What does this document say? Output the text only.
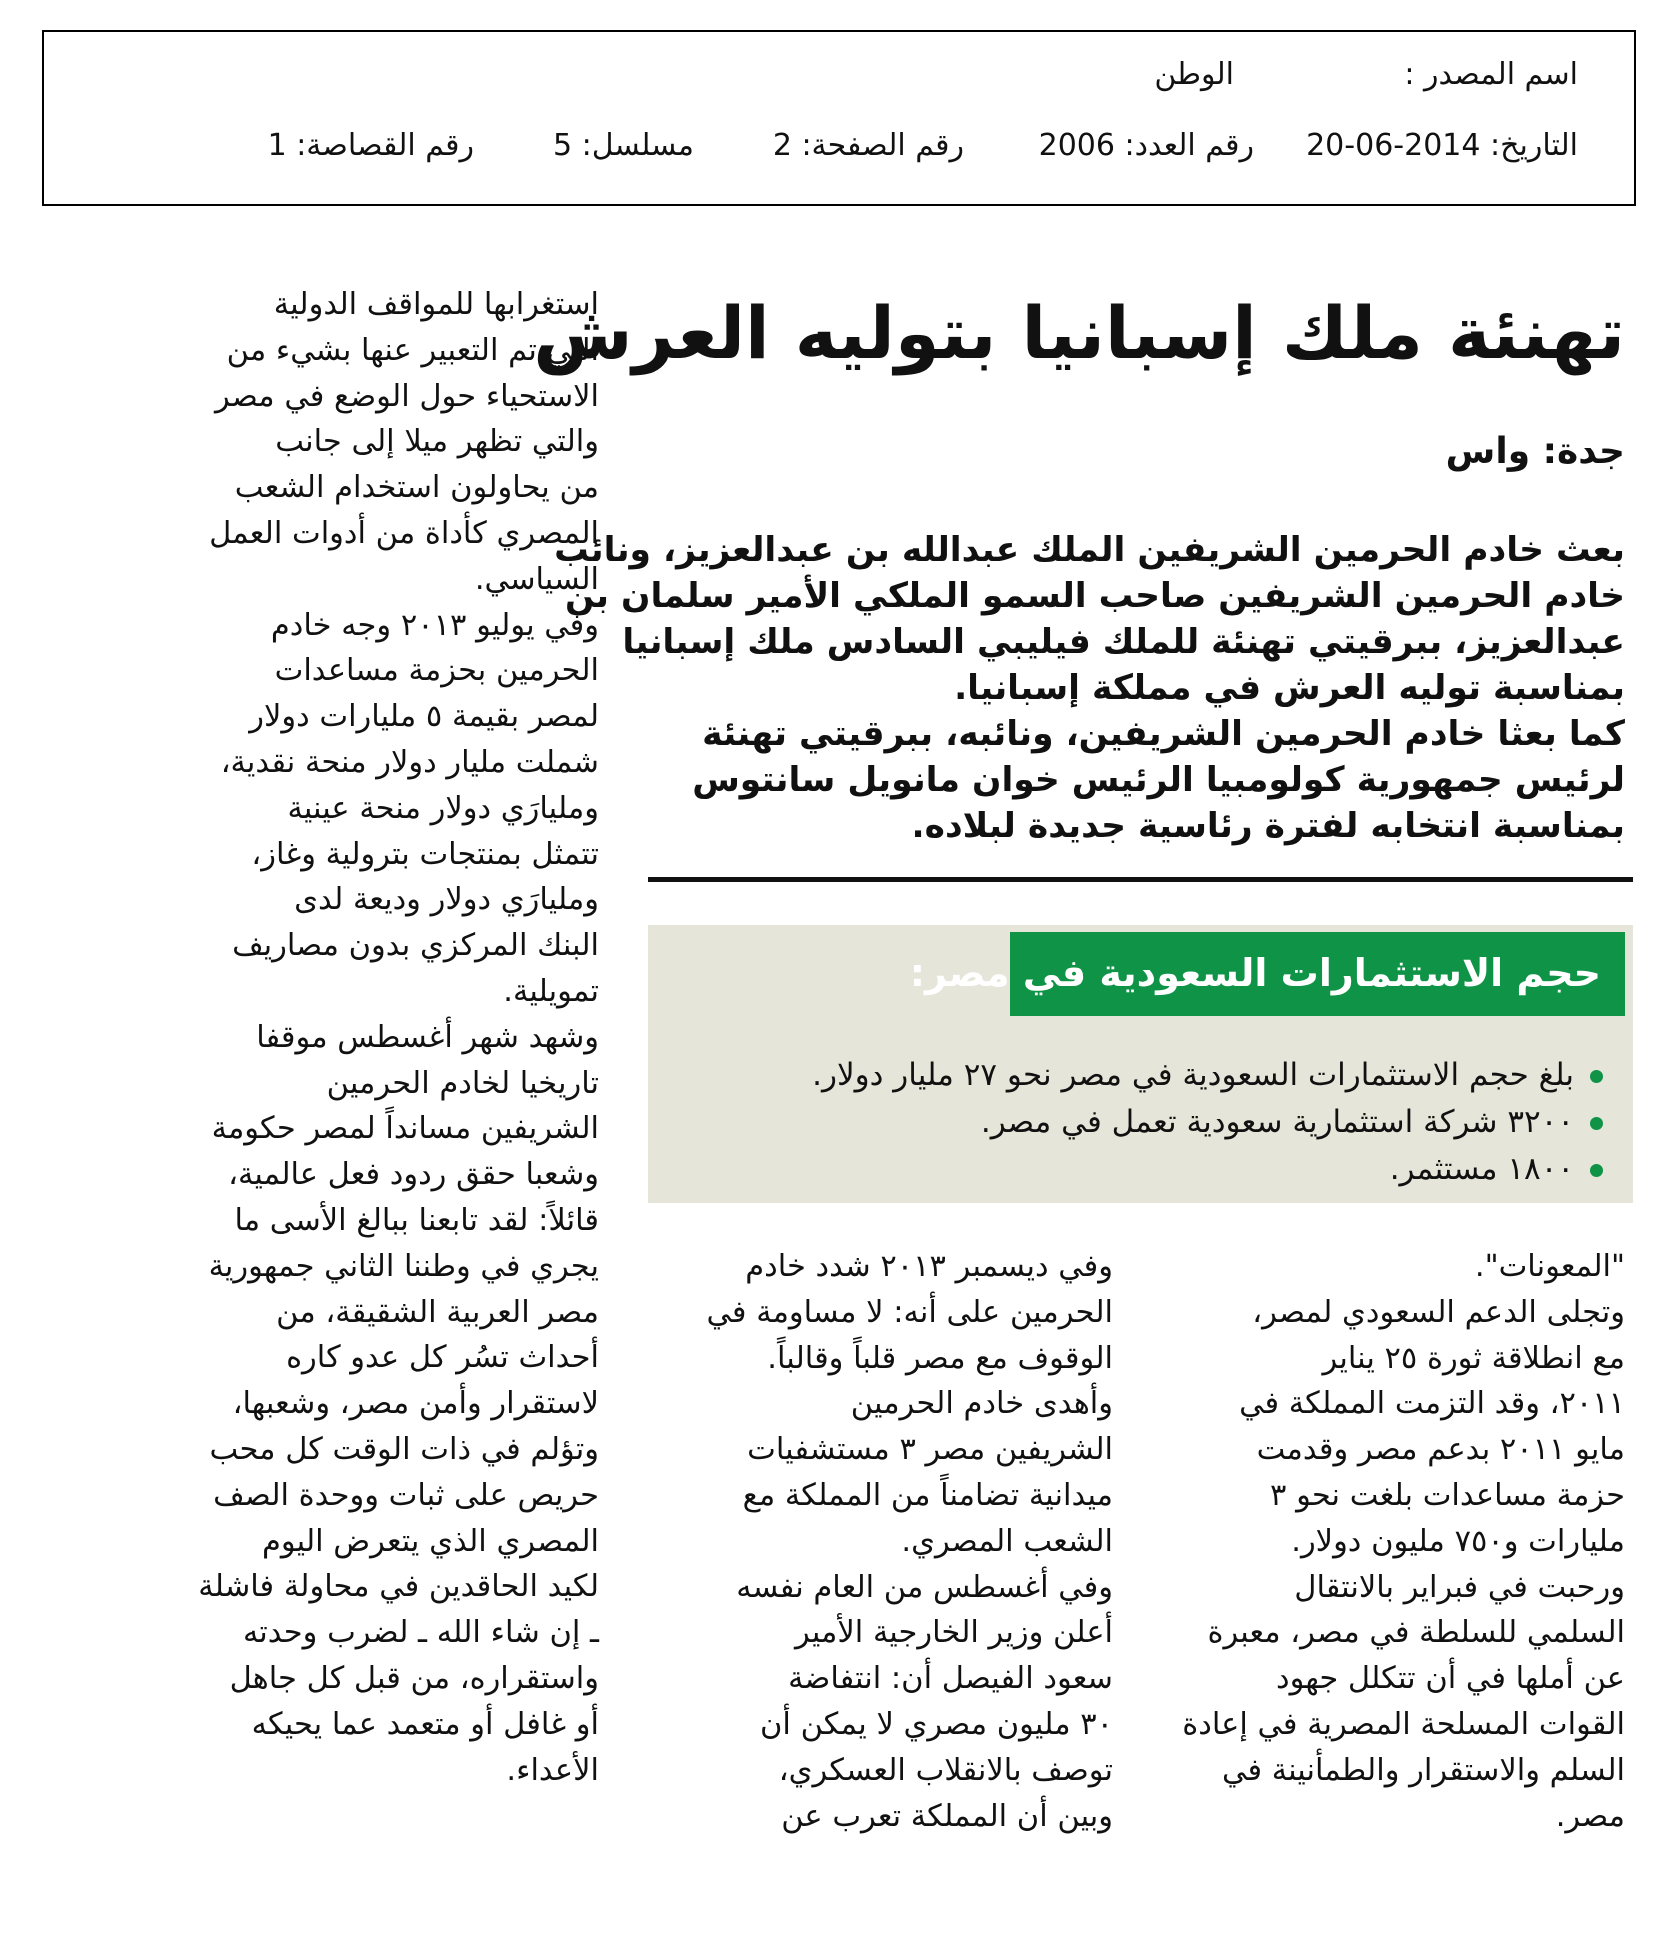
اسم المصدر :
الوطن
التاريخ: 2014-06-20
رقم العدد: 2006
رقم الصفحة: 2
مسلسل: 5
رقم القصاصة: 1
تهنئة ملك إسبانيا بتوليه العرش
جدة: واس
بعث خادم الحرمين الشريفين الملك عبدالله بن عبدالعزيز، ونائب
خادم الحرمين الشريفين صاحب السمو الملكي الأمير سلمان بن
عبدالعزيز، ببرقيتي تهنئة للملك فيليبي السادس ملك إسبانيا
بمناسبة توليه العرش في مملكة إسبانيا.
كما بعثا خادم الحرمين الشريفين، ونائبه، ببرقيتي تهنئة
لرئيس جمهورية كولومبيا الرئيس خوان مانويل سانتوس
بمناسبة انتخابه لفترة رئاسية جديدة لبلاده.
حجم الاستثمارات السعودية في مصر:
بلغ حجم الاستثمارات السعودية في مصر نحو ٢٧ مليار دولار.
٣٢٠٠ شركة استثمارية سعودية تعمل في مصر.
١٨٠٠ مستثمر.
استغرابها للمواقف الدولية
التي تم التعبير عنها بشيء من
الاستحياء حول الوضع في مصر
والتي تظهر ميلا إلى جانب
من يحاولون استخدام الشعب
المصري كأداة من أدوات العمل
السياسي.
وفي يوليو ٢٠١٣ وجه خادم
الحرمين بحزمة مساعدات
لمصر بقيمة ٥ مليارات دولار
شملت مليار دولار منحة نقدية،
ومليارَي دولار منحة عينية
تتمثل بمنتجات بترولية وغاز،
ومليارَي دولار وديعة لدى
البنك المركزي بدون مصاريف
تمويلية.
وشهد شهر أغسطس موقفا
تاريخيا لخادم الحرمين
الشريفين مسانداً لمصر حكومة
وشعبا حقق ردود فعل عالمية،
قائلاً: لقد تابعنا ببالغ الأسى ما
يجري في وطننا الثاني جمهورية
مصر العربية الشقيقة، من
أحداث تسُر كل عدو كاره
لاستقرار وأمن مصر، وشعبها،
وتؤلم في ذات الوقت كل محب
حريص على ثبات ووحدة الصف
المصري الذي يتعرض اليوم
لكيد الحاقدين في محاولة فاشلة
ـ إن شاء الله ـ لضرب وحدته
واستقراره، من قبل كل جاهل
أو غافل أو متعمد عما يحيكه
الأعداء.
وفي ديسمبر ٢٠١٣ شدد خادم
الحرمين على أنه: لا مساومة في
الوقوف مع مصر قلباً وقالباً.
وأهدى خادم الحرمين
الشريفين مصر ٣ مستشفيات
ميدانية تضامناً من المملكة مع
الشعب المصري.
وفي أغسطس من العام نفسه
أعلن وزير الخارجية الأمير
سعود الفيصل أن: انتفاضة
٣٠ مليون مصري لا يمكن أن
توصف بالانقلاب العسكري،
وبين أن المملكة تعرب عن
"المعونات".
وتجلى الدعم السعودي لمصر،
مع انطلاقة ثورة ٢٥ يناير
٢٠١١، وقد التزمت المملكة في
مايو ٢٠١١ بدعم مصر وقدمت
حزمة مساعدات بلغت نحو ٣
مليارات و٧٥٠ مليون دولار.
ورحبت في فبراير بالانتقال
السلمي للسلطة في مصر، معبرة
عن أملها في أن تتكلل جهود
القوات المسلحة المصرية في إعادة
السلم والاستقرار والطمأنينة في
مصر.
